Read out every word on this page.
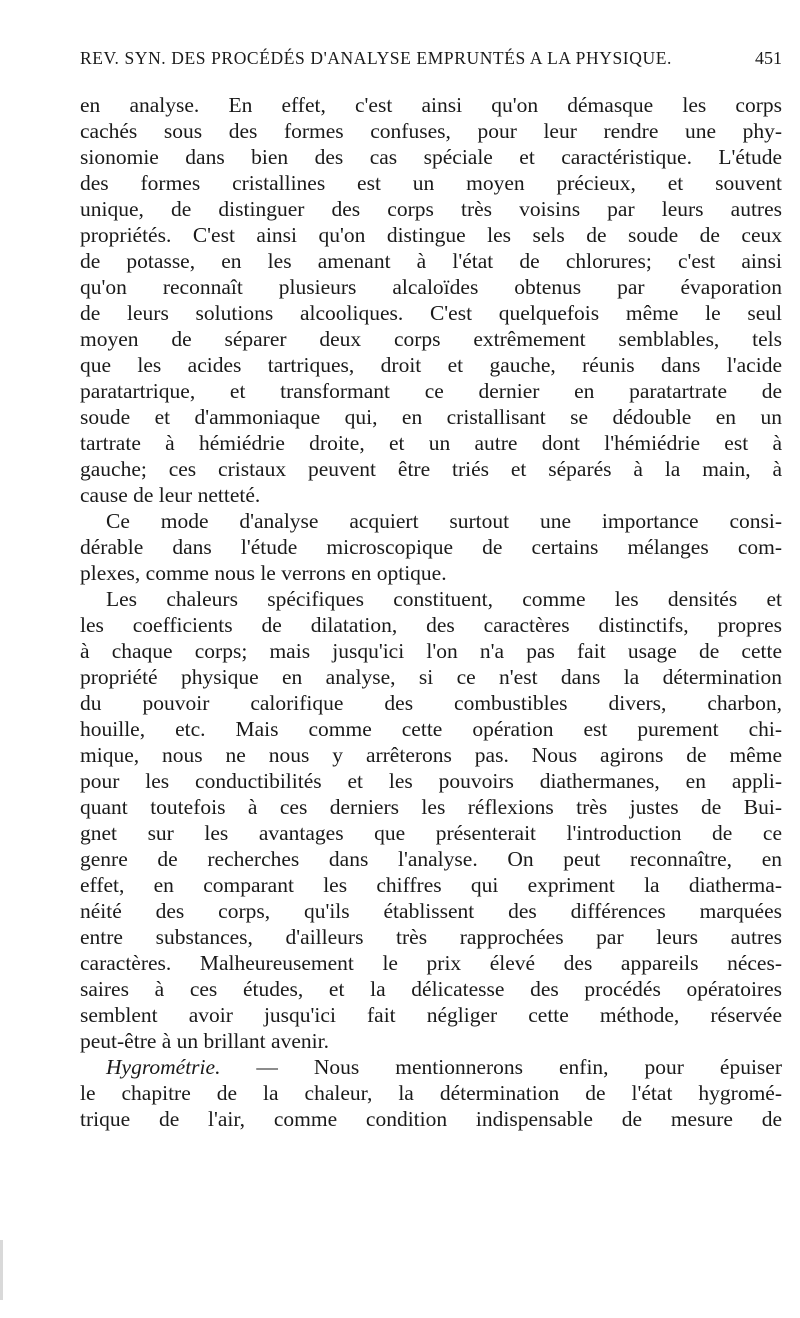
REV. SYN. DES PROCÉDÉS D'ANALYSE EMPRUNTÉS A LA PHYSIQUE.	451
en analyse. En effet, c'est ainsi qu'on démasque les corps
cachés sous des formes confuses, pour leur rendre une phy-
sionomie dans bien des cas spéciale et caractéristique. L'étude
des formes cristallines est un moyen précieux, et souvent
unique, de distinguer des corps très voisins par leurs autres
propriétés. C'est ainsi qu'on distingue les sels de soude de ceux
de potasse, en les amenant à l'état de chlorures; c'est ainsi
qu'on reconnaît plusieurs alcaloïdes obtenus par évaporation
de leurs solutions alcooliques. C'est quelquefois même le seul
moyen de séparer deux corps extrêmement semblables, tels
que les acides tartriques, droit et gauche, réunis dans l'acide
paratartrique, et transformant ce dernier en paratartrate de
soude et d'ammoniaque qui, en cristallisant se dédouble en un
tartrate à hémiédrie droite, et un autre dont l'hémiédrie est à
gauche; ces cristaux peuvent être triés et séparés à la main, à
cause de leur netteté.
Ce mode d'analyse acquiert surtout une importance consi-
dérable dans l'étude microscopique de certains mélanges com-
plexes, comme nous le verrons en optique.
Les chaleurs spécifiques constituent, comme les densités et
les coefficients de dilatation, des caractères distinctifs, propres
à chaque corps; mais jusqu'ici l'on n'a pas fait usage de cette
propriété physique en analyse, si ce n'est dans la détermination
du pouvoir calorifique des combustibles divers, charbon,
houille, etc. Mais comme cette opération est purement chi-
mique, nous ne nous y arrêterons pas. Nous agirons de même
pour les conductibilités et les pouvoirs diathermanes, en appli-
quant toutefois à ces derniers les réflexions très justes de Bui-
gnet sur les avantages que présenterait l'introduction de ce
genre de recherches dans l'analyse. On peut reconnaître, en
effet, en comparant les chiffres qui expriment la diatherma-
néité des corps, qu'ils établissent des différences marquées
entre substances, d'ailleurs très rapprochées par leurs autres
caractères. Malheureusement le prix élevé des appareils néces-
saires à ces études, et la délicatesse des procédés opératoires
semblent avoir jusqu'ici fait négliger cette méthode, réservée
peut-être à un brillant avenir.
Hygrométrie. — Nous mentionnerons enfin, pour épuiser
le chapitre de la chaleur, la détermination de l'état hygromé-
trique de l'air, comme condition indispensable de mesure de
